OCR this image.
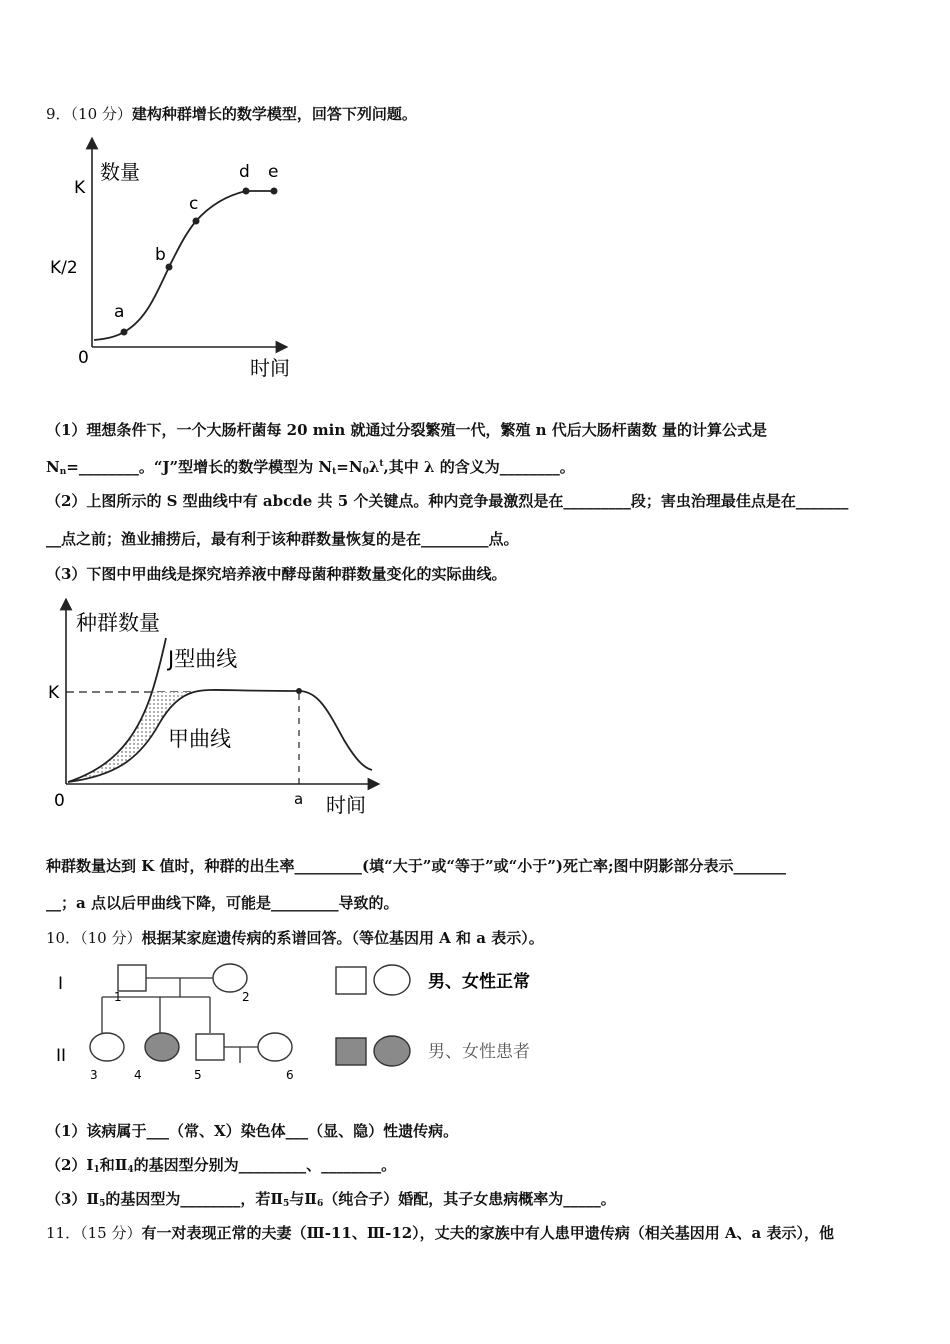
9．（10 分）建构种群增长的数学模型，回答下列问题。
数量
时间
0
K
K/2
a
b
c
d e
（1）理想条件下，一个大肠杆菌每 20 min 就通过分裂繁殖一代，繁殖 n 代后大肠杆菌数 量的计算公式是
$N_n=\_\_\_\_\_\_\_\_$。“J”型增长的数学模型为 $N_t=N_0\lambda^t$,其中 λ 的含义为________。
（2）上图所示的 S 型曲线中有 abcde 共 5 个关键点。种内竞争最激烈是在_________段；害虫治理最佳点是在_______
__点之前；渔业捕捞后，最有利于该种群数量恢复的是在_________点。
（3）下图中甲曲线是探究培养液中酵母菌种群数量变化的实际曲线。
种群数量
时间
0
K
J型曲线
甲曲线
a
种群数量达到 K 值时，种群的出生率_________(填“大于”或“等于”或“小于”)死亡率;图中阴影部分表示_______
__；a 点以后甲曲线下降，可能是_________导致的。
10．（10 分）根据某家庭遗传病的系谱回答。（等位基因用 A 和 a 表示）。
I
II
1	2
3	4	5	6
男、女性正常
男、女性患者
（1）该病属于___（常、X）染色体___（显、隐）性遗传病。
$(2)Ⅰ_1$和$Ⅱ_4$的基因型分别为_________、________。
$(3)Ⅱ_5$的基因型为________，若$Ⅱ_5$与$Ⅱ_6$（纯合子）婚配，其子女患病概率为_____。
11．（15 分）有一对表现正常的夫妻（Ⅲ-11、Ⅲ-12），丈夫的家族中有人患甲遗传病（相关基因用 A、a 表示），他
